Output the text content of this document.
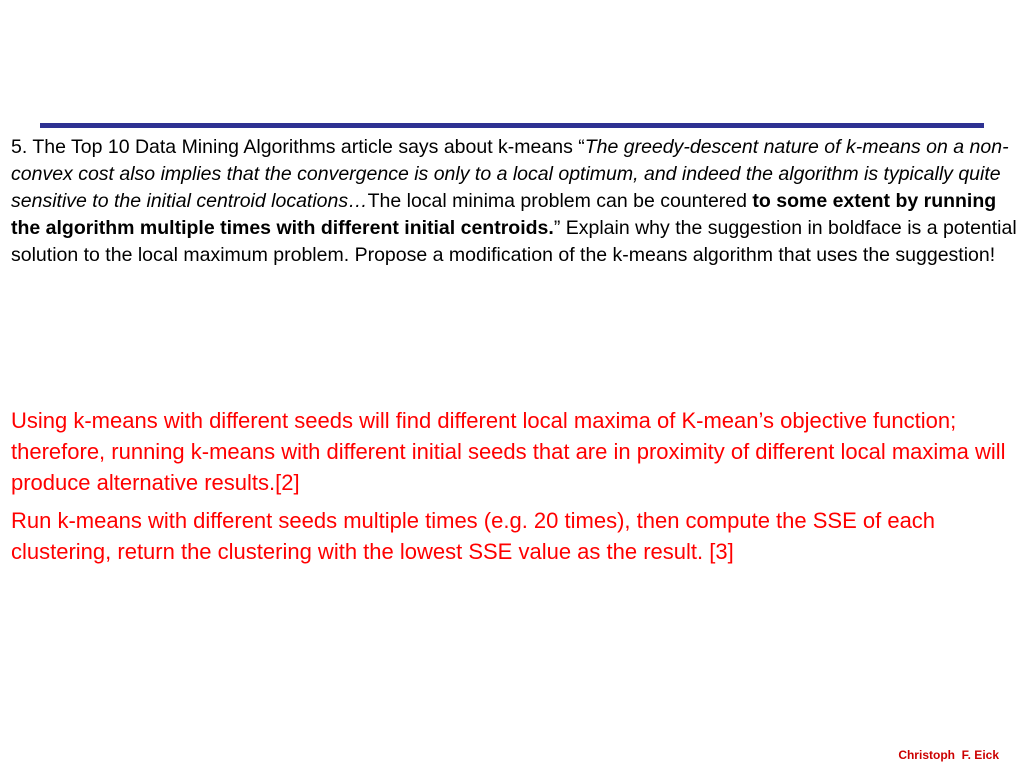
5. The Top 10 Data Mining Algorithms article says about k-means “The greedy-descent nature of k-means on a non-convex cost also implies that the convergence is only to a local optimum, and indeed the algorithm is typically quite sensitive to the initial centroid locations…The local minima problem can be countered to some extent by running the algorithm multiple times with different initial centroids.” Explain why the suggestion in boldface is a potential solution to the local maximum problem. Propose a modification of the k-means algorithm that uses the suggestion!

Using k-means with different seeds will find different local maxima of K-mean’s objective function; therefore, running k-means with different initial seeds that are in proximity of different local maxima will produce alternative results.[2]

Run k-means with different seeds multiple times (e.g. 20 times), then compute the SSE of each clustering, return the clustering with the lowest SSE value as the result. [3]

Christoph  F. Eick
